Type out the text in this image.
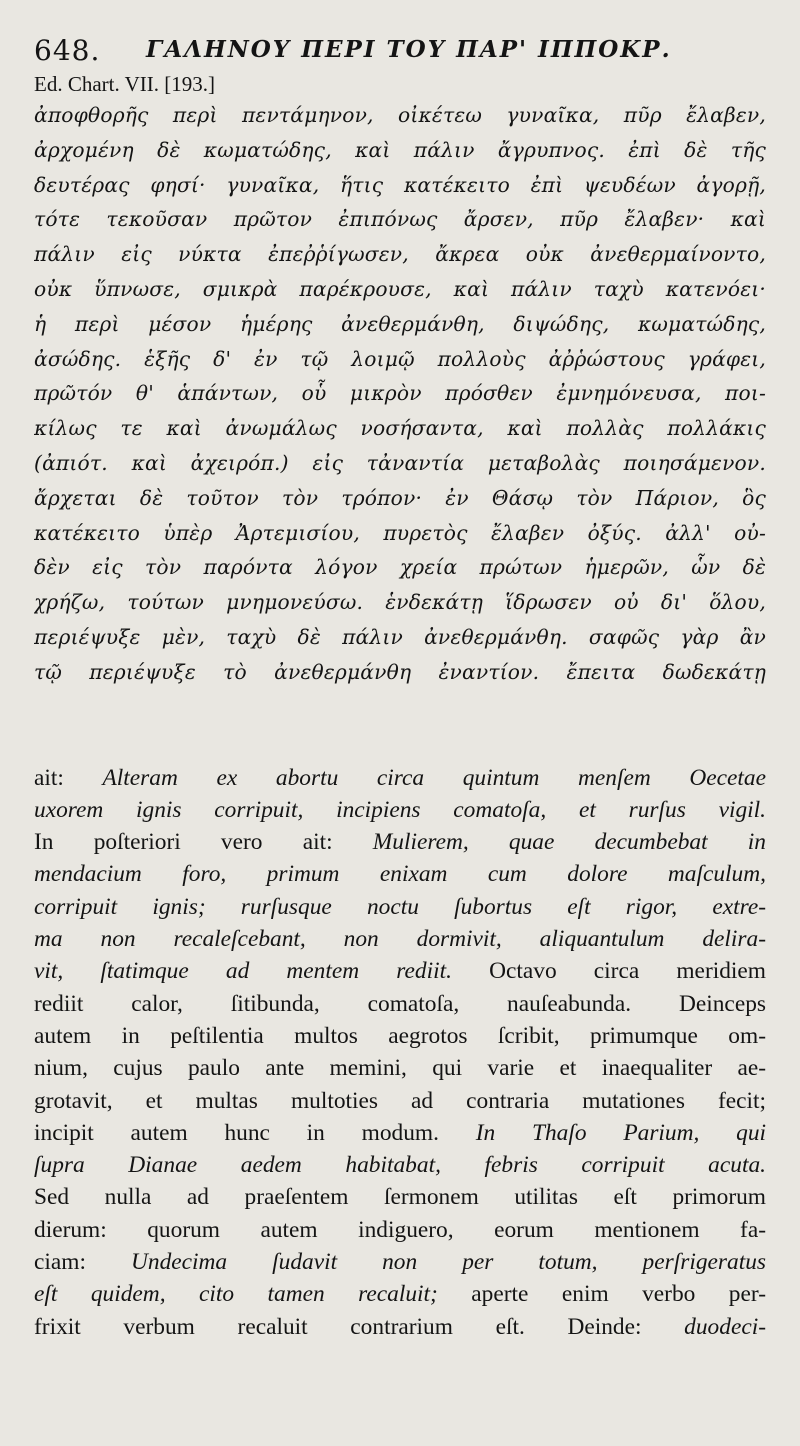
648. ΓΑΛΗΝΟΥ ΠΕΡΙ ΤΟΥ ΠΑΡ' ΙΠΠΟΚΡ.
Ed. Chart. VII. [193.]
ἀποφθορῆς περὶ πεντάμηνον, οἰκέτεω γυναῖκα, πῦρ ἔλαβεν,
ἀρχομένη δὲ κωματώδης, καὶ πάλιν ἄγρυπνος. ἐπὶ δὲ τῆς
δευτέρας φησί· γυναῖκα, ἥτις κατέκειτο ἐπὶ ψευδέων ἀγορῇ,
τότε τεκοῦσαν πρῶτον ἐπιπόνως ἄρσεν, πῦρ ἔλαβεν· καὶ
πάλιν εἰς νύκτα ἐπεῤῥίγωσεν, ἄκρεα οὐκ ἀνεθερμαίνοντο,
οὐκ ὕπνωσε, σμικρὰ παρέκρουσε, καὶ πάλιν ταχὺ κατενόει·
ἡ περὶ μέσον ἡμέρης ἀνεθερμάνθη, διψώδης, κωματώδης,
ἀσώδης. ἑξῆς δ' ἐν τῷ λοιμῷ πολλοὺς ἀῤῥώστους γράφει,
πρῶτόν θ' ἁπάντων, οὗ μικρὸν πρόσθεν ἐμνημόνευσα, ποι-
κίλως τε καὶ ἀνωμάλως νοσήσαντα, καὶ πολλὰς πολλάκις
(ἀπιότ. καὶ ἀχειρόπ.) εἰς τἀναντία μεταβολὰς ποιησάμενον.
ἄρχεται δὲ τοῦτον τὸν τρόπον· ἐν Θάσῳ τὸν Πάριον, ὃς
κατέκειτο ὑπὲρ Ἀρτεμισίου, πυρετὸς ἔλαβεν ὀξύς. ἀλλ' οὐ-
δὲν εἰς τὸν παρόντα λόγον χρεία πρώτων ἡμερῶν, ὧν δὲ
χρήζω, τούτων μνημονεύσω. ἑνδεκάτῃ ἵδρωσεν οὐ δι' ὅλου,
περιέψυξε μὲν, ταχὺ δὲ πάλιν ἀνεθερμάνθη. σαφῶς γὰρ ἂν
τῷ περιέψυξε τὸ ἀνεθερμάνθη ἐναντίον. ἔπειτα δωδεκάτῃ
ait: Alteram ex abortu circa quintum menſem Oecetae
uxorem ignis corripuit, incipiens comatoſa, et rurſus vigil.
In poſteriori vero ait: Mulierem, quae decumbebat in
mendacium foro, primum enixam cum dolore maſculum,
corripuit ignis; rurſusque noctu ſubortus eſt rigor, extre-
ma non recaleſcebant, non dormivit, aliquantulum delira-
vit, ſtatimque ad mentem rediit. Octavo circa meridiem
rediit calor, ſitibunda, comatoſa, nauſeabunda. Deinceps
autem in peſtilentia multos aegrotos ſcribit, primumque om-
nium, cujus paulo ante memini, qui varie et inaequaliter ae-
grotavit, et multas multoties ad contraria mutationes fecit;
incipit autem hunc in modum. In Thaſo Parium, qui
ſupra Dianae aedem habitabat, febris corripuit acuta.
Sed nulla ad praeſentem ſermonem utilitas eſt primorum
dierum: quorum autem indiguero, eorum mentionem fa-
ciam: Undecima ſudavit non per totum, perſrigeratus
eſt quidem, cito tamen recaluit; aperte enim verbo per-
frixit verbum recaluit contrarium eſt. Deinde: duodeci-
